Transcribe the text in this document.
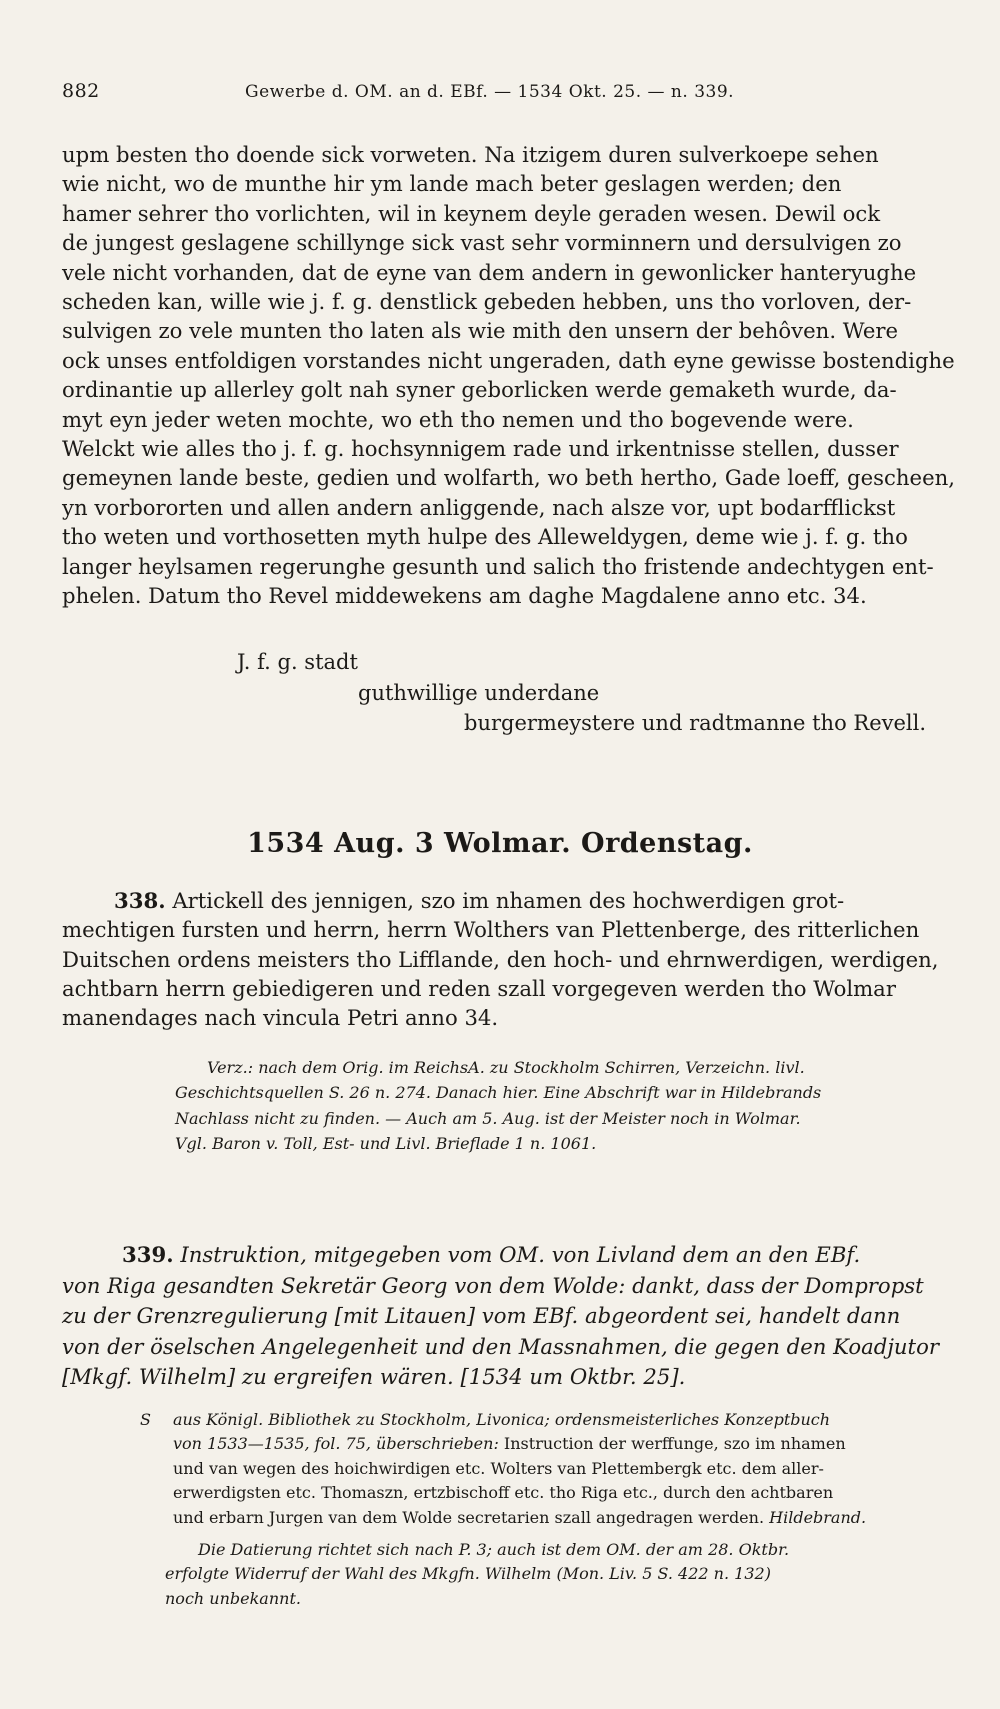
882	Gewerbe d. OM. an d. EBf. — 1534 Okt. 25. — n. 339.
upm besten tho doende sick vorweten. Na itzigem duren sulverkoepe sehen
wie nicht, wo de munthe hir ym lande mach beter geslagen werden; den
hamer sehrer tho vorlichten, wil in keynem deyle geraden wesen. Dewil ock
de jungest geslagene schillynge sick vast sehr vorminnern und dersulvigen zo
vele nicht vorhanden, dat de eyne van dem andern in gewonlicker hanteryughe
scheden kan, wille wie j. f. g. denstlick gebeden hebben, uns tho vorloven, der-
sulvigen zo vele munten tho laten als wie mith den unsern der behôven. Were
ock unses entfoldigen vorstandes nicht ungeraden, dath eyne gewisse bostendighe
ordinantie up allerley golt nah syner geborlicken werde gemaketh wurde, da-
myt eyn jeder weten mochte, wo eth tho nemen und tho bogevende were.
Welckt wie alles tho j. f. g. hochsynnigem rade und irkentnisse stellen, dusser
gemeynen lande beste, gedien und wolfarth, wo beth hertho, Gade loeff, gescheen,
yn vorbororten und allen andern anliggende, nach alsze vor, upt bodarfflickst
tho weten und vorthosetten myth hulpe des Alleweldygen, deme wie j. f. g. tho
langer heylsamen regerunghe gesunth und salich tho fristende andechtygen ent-
phelen. Datum tho Revel middewekens am daghe Magdalene anno etc. 34.
J. f. g. stadt
guthwillige underdane
burgermeystere und radtmanne tho Revell.
1534 Aug. 3 Wolmar. Ordenstag.
338. Artickell des jennigen, szo im nhamen des hochwerdigen grot-
mechtigen fursten und herrn, herrn Wolthers van Plettenberge, des ritterlichen
Duitschen ordens meisters tho Lifflande, den hoch- und ehrnwerdigen, werdigen,
achtbarn herrn gebiedigeren und reden szall vorgegeven werden tho Wolmar
manendages nach vincula Petri anno 34.
Verz.: nach dem Orig. im ReichsA. zu Stockholm Schirren, Verzeichn. livl.
Geschichtsquellen S. 26 n. 274. Danach hier. Eine Abschrift war in Hildebrands
Nachlass nicht zu finden. — Auch am 5. Aug. ist der Meister noch in Wolmar.
Vgl. Baron v. Toll, Est- und Livl. Brieflade 1 n. 1061.
339. Instruktion, mitgegeben vom OM. von Livland dem an den EBf.
von Riga gesandten Sekretär Georg von dem Wolde: dankt, dass der Dompropst
zu der Grenzregulierung [mit Litauen] vom EBf. abgeordent sei, handelt dann
von der öselschen Angelegenheit und den Massnahmen, die gegen den Koadjutor
[Mkgf. Wilhelm] zu ergreifen wären. [1534 um Oktbr. 25].
S aus Königl. Bibliothek zu Stockholm, Livonica; ordensmeisterliches Konzeptbuch
von 1533—1535, fol. 75, überschrieben: Instruction der werffunge, szo im nhamen
und van wegen des hoichwirdigen etc. Wolters van Plettembergk etc. dem aller-
erwerdigsten etc. Thomaszn, ertzbischoff etc. tho Riga etc., durch den achtbaren
und erbarn Jurgen van dem Wolde secretarien szall angedragen werden. Hildebrand.
Die Datierung richtet sich nach P. 3; auch ist dem OM. der am 28. Oktbr.
erfolgte Widerruf der Wahl des Mkgfn. Wilhelm (Mon. Liv. 5 S. 422 n. 132)
noch unbekannt.
